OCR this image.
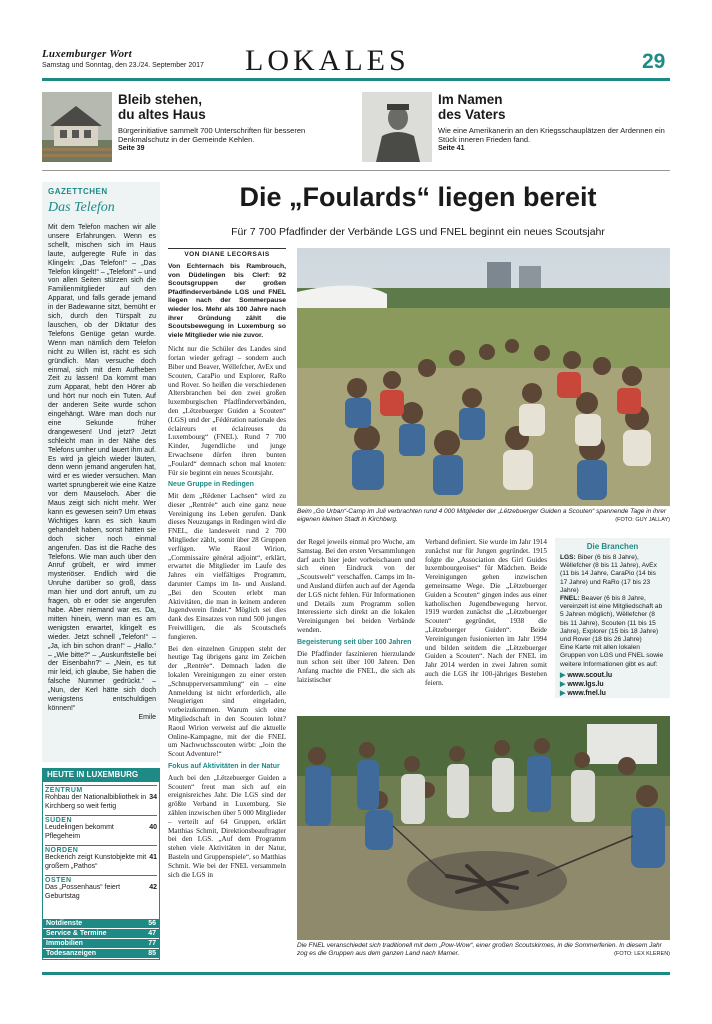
Luxemburger Wort
Samstag und Sonntag, den 23./24. September 2017 LOKALES	29
Bleib stehen,
du altes Haus
Bürgerinitiative sammelt 700 Unterschriften für besseren Denkmalschutz in der Gemeinde Kehlen.
Seite 39
Im Namen
des Vaters
Wie eine Amerikanerin an den Kriegsschauplätzen der Ardennen ein Stück inneren Frieden fand.
Seite 41
GAZETTCHEN
Das Telefon
Mit dem Telefon machen wir alle unsere Erfahrungen. Wenn es schellt, mischen sich im Haus laute, aufgeregte Rufe in das Klingeln: „Das Telefon!“ – „Das Telefon klingelt!“ – „Telefon!“ – und von allen Seiten stürzen sich die Familienmitglieder auf den Apparat, und falls gerade jemand in der Badewanne sitzt, bemüht er sich, durch den Türspalt zu lauschen, ob der Diktatur des Telefons Genüge getan wurde. Wenn man nämlich dem Telefon nicht zu Willen ist, rächt es sich gründlich. Man versuche doch einmal, sich mit dem Aufheben Zeit zu lassen! Da kommt man zum Apparat, hebt den Hörer ab und hört nur noch ein Tuten. Auf der anderen Seite wurde schon eingehängt. Wäre man doch nur eine Sekunde früher drangewesen! Und jetzt? Jetzt schleicht man in der Nähe des Telefons umher und lauert ihm auf. Es wird ja gleich wieder läuten, denn wenn jemand angerufen hat, wird er es wieder versuchen. Man wartet sprungbereit wie eine Katze vor dem Mauseloch. Aber die Maus zeigt sich nicht mehr. Wer kann es gewesen sein? Um etwas Wichtiges kann es sich kaum gehandelt haben, sonst hätten sie doch sicher noch einmal angerufen. Das ist die Rache des Telefons. Wie man auch über den Anruf grübelt, er wird immer mysteriöser. Endlich wird die Unruhe darüber so groß, dass man hier und dort anruft, um zu fragen, ob er oder sie angerufen habe. Aber niemand war es. Da, mitten hinein, wenn man es am wenigsten erwartet, klingelt es wieder. Jetzt schnell „Telefon!“ – „Ja, ich bin schon dran!“ – „Hallo.“ – „Wie bitte?“ – „Auskunftstelle bei der Eisenbahn?“ – „Nein, es tut mir leid, ich glaube, Sie haben die falsche Nummer gedrückt.“ – „Nun, der Kerl hätte sich doch wenigstens entschuldigen können!“
Emile
HEUTE IN LUXEMBURG
ZENTRUM
Rohbau der Nationalbibliothek in Kirchberg so weit fertig
34
SÜDEN
Leudelingen bekommt Pflegeheim
40
NORDEN
Beckerich zeigt Kunstobjekte mit großem „Pathos“
41
OSTEN
Das „Possenhaus“ feiert Geburtstag
42
Notdienste	56
Service & Termine	47
Immobilien	77
Todesanzeigen	85
Die „Foulards“ liegen bereit
Für 7 700 Pfadfinder der Verbände LGS und FNEL beginnt ein neues Scoutsjahr
VON DIANE LECORSAIS

Von Echternach bis Rambrouch, von Düdelingen bis Clerf: 92 Scoutsgruppen der großen Pfadfinderverbände LGS und FNEL liegen nach der Sommerpause wieder los. Mehr als 100 Jahre nach ihrer Gründung zählt die Scoutsbewegung in Luxemburg so viele Mitglieder wie nie zuvor.

Nicht nur die Schüler des Landes sind fortan wieder gefragt – sondern auch Biber und Beaver, Wëllefcher, AvEx und Scouten, CaraPio und Explorer, RaRo und Rover. So heißen die verschiedenen Altersbranchen bei den zwei großen luxemburgischen Pfadfinderverbänden, den „Lëtzebuerger Guiden a Scouten“ (LGS) und der „Fédération nationale des éclaireurs et éclaireuses du Luxembourg“ (FNEL). Rund 7 700 Kinder, Jugendliche und junge Erwachsene dürfen ihren bunten „Foulard“ demnach schon mal knoten: Für sie beginnt ein neues Scoutsjahr.

Neue Gruppe in Redingen

Mit dem „Rëdener Lachsen“ wird zu dieser „Rentrée“ auch eine ganz neue Vereinigung ins Leben gerufen. Dank dieses Neuzugangs in Redingen wird die FNEL, die landesweit rund 2 700 Mitglieder zählt, somit über 28 Gruppen verfügen. Wie Raoul Wirion, „Commissaire général adjoint“, erklärt, erwartet die Mitglieder im Laufe des Jahres ein vielfältiges Programm, darunter Camps im In- und Ausland. „Bei den Scouten erlebt man Aktivitäten, die man in keinem anderen Jugendverein findet.“ Möglich sei dies dank des Einsatzes von rund 500 jungen Freiwilligen, die als Scoutschefs fungieren.

Bei den einzelnen Gruppen steht der heutige Tag übrigens ganz im Zeichen der „Rentrée“. Demnach laden die lokalen Vereinigungen zu einer ersten „Schnupperversammlung“ ein – eine Anmeldung ist nicht erforderlich, alle Neugierigen sind eingeladen, vorbeizukommen. Warum sich eine Mitgliedschaft in den Scouten lohnt? Raoul Wirion verweist auf die aktuelle Online-Kampagne, mit der die FNEL um Nachwuchsscouten wirbt: „Join the Scout Adventure!“

Fokus auf Aktivitäten in der Natur

Auch bei den „Lëtzebuerger Guiden a Scouten“ freut man sich auf ein ereignisreiches Jahr. Die LGS sind der größte Verband in Luxemburg. Sie zählen inzwischen über 5 000 Mitglieder – verteilt auf 64 Gruppen, erklärt Matthias Schmit, Direktionsbeauftragter bei den LGS. „Auf dem Programm stehen viele Aktivitäten in der Natur, Basteln und Gruppenspiele“, so Matthias Schmit. Wie bei der FNEL versammeln sich die LGS in

Beim „Go Urban“-Camp im Juli verbrachten rund 4 000 Mitglieder der „Lëtzebuerger Guiden a Scouten“ spannende Tage in ihrer eigenen kleinen Stadt in Kirchberg.	(FOTO: GUY JALLAY)

der Regel jeweils einmal pro Woche, am Samstag. Bei den ersten Versammlungen darf auch hier jeder vorbeischauen und sich einen Eindruck von der „Scoutswelt“ verschaffen. Camps im In- und Ausland dürfen auch auf der Agenda der LGS nicht fehlen. Für Informationen und Details zum Programm sollen Interessierte sich direkt an die lokalen Vereinigungen bei beiden Verbände wenden.

Begeisterung seit über 100 Jahren

Die Pfadfinder faszinieren hierzulande nun schon seit über 100 Jahren. Den Anfang machte die FNEL, die sich als laizistischer

Verband definiert. Sie wurde im Jahr 1914 zunächst nur für Jungen gegründet. 1915 folgte die „Association des Girl Guides luxembourgeoises“ für Mädchen. Beide Vereinigungen gehen inzwischen gemeinsame Wege. Die „Lëtzebuerger Guiden a Scouten“ gingen indes aus einer katholischen Jugendbewegung hervor. 1919 wurden zunächst die „Lëtzebuerger Scouten“ gegründet, 1938 die „Lëtzebuerger Guiden“. Beide Vereinigungen fusionierten im Jahr 1994 und bilden seitdem die „Lëtzebuerger Guiden a Scouten“. Nach der FNEL im Jahr 2014 werden in zwei Jahren somit auch die LGS ihr 100-jähriges Bestehen feiern.

Die Branchen
LGS: Biber (6 bis 8 Jahre), Wëllefcher (8 bis 11 Jahre), AvEx (11 bis 14 Jahre, CaraPio (14 bis 17 Jahre) und RaRo (17 bis 23 Jahre)
FNEL: Beaver (6 bis 8 Jahre, vereinzelt ist eine Mitgliedschaft ab 5 Jahren möglich), Wëllefcher (8 bis 11 Jahre), Scouten (11 bis 15 Jahre), Explorer (15 bis 18 Jahre) und Rover (18 bis 26 Jahre)
Eine Karte mit allen lokalen Gruppen von LGS und FNEL sowie weitere Informationen gibt es auf:
▶ www.scout.lu
▶ www.lgs.lu
▶ www.fnel.lu
Die FNEL veranschiedet sich traditionell mit dem „Pow-Wow“, einer großen Scoutskirmes, in die Sommerferien. In diesem Jahr zog es die Gruppen aus dem ganzen Land nach Mamer.	(FOTO: LEX KLEREN)
